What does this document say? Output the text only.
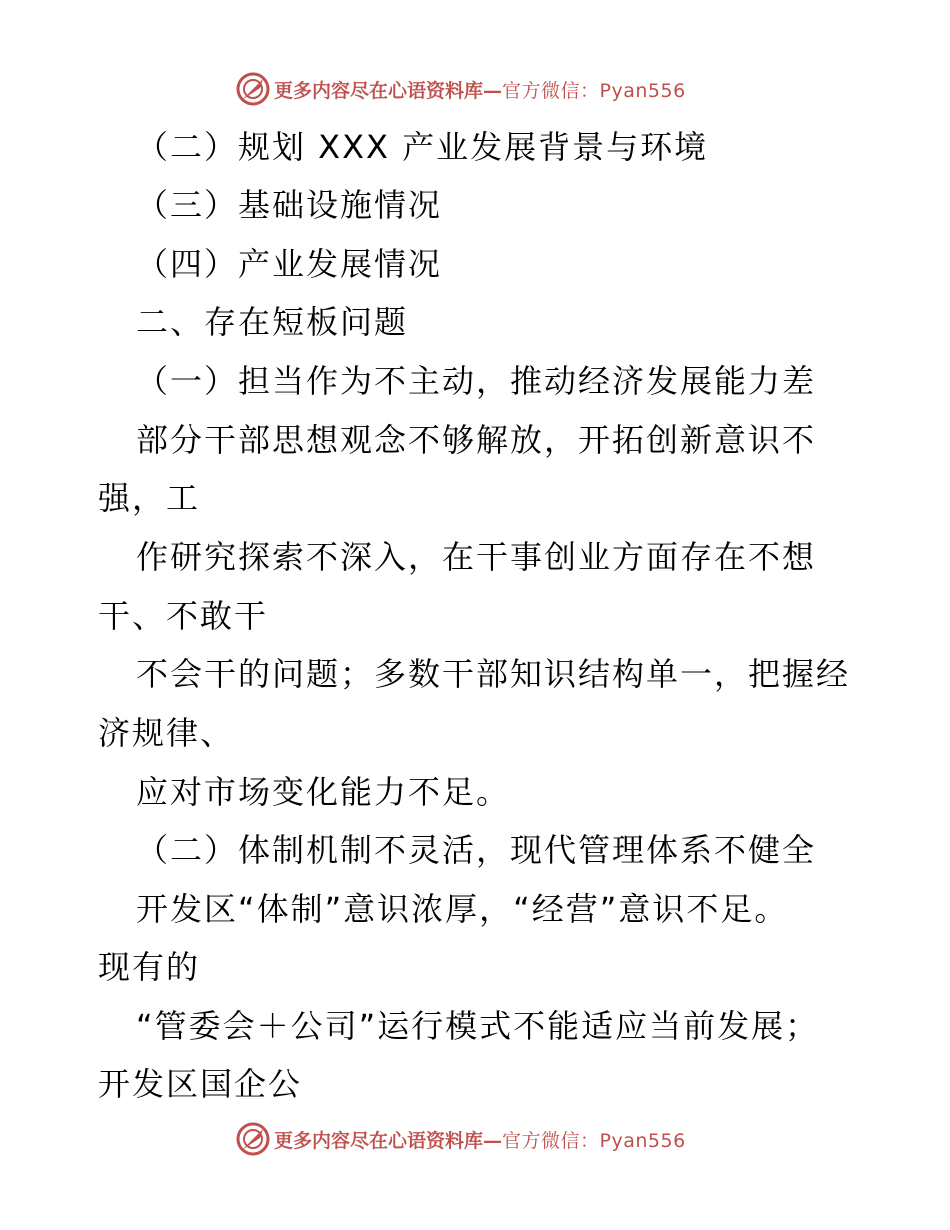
更多内容尽在心语资料库— 官方微信：Pyan556
（二）规划 XXX 产业发展背景与环境
（三）基础设施情况
（四）产业发展情况
二、存在短板问题
（一）担当作为不主动，推动经济发展能力差
部分干部思想观念不够解放，开拓创新意识不
强，工
作研究探索不深入，在干事创业方面存在不想
干、不敢干
不会干的问题；多数干部知识结构单一，把握经
济规律、
应对市场变化能力不足。
（二）体制机制不灵活，现代管理体系不健全
开发区“体制”意识浓厚，“经营”意识不足。
现有的
“管委会＋公司”运行模式不能适应当前发展；
开发区国企公
更多内容尽在心语资料库— 官方微信：Pyan556
